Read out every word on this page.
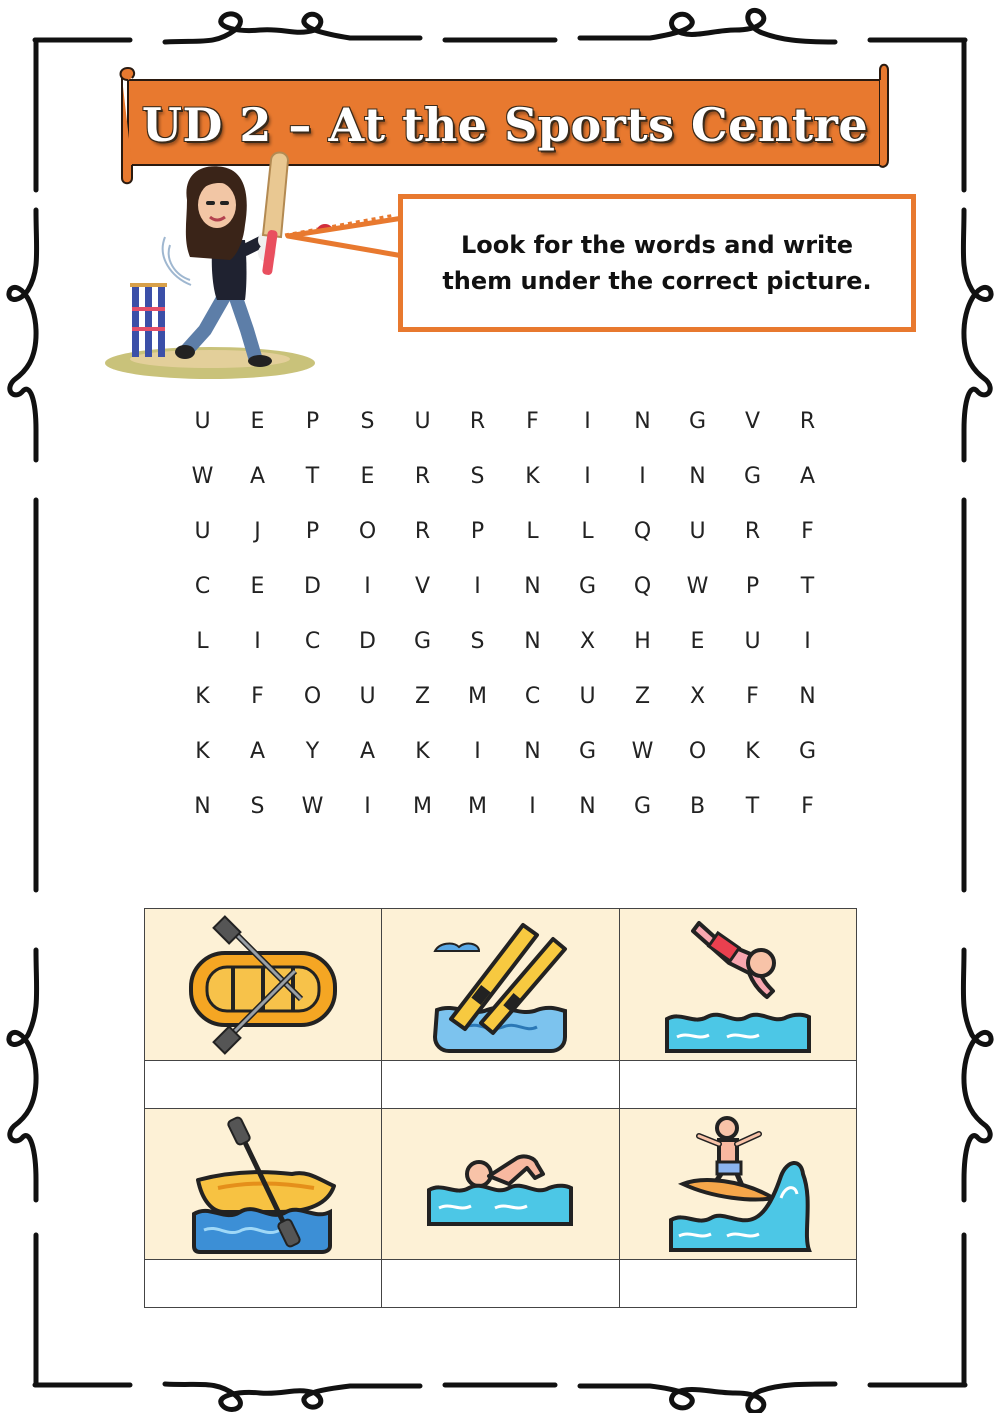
UD 2 – At the Sports Centre
Look for the words and write
them under the correct picture.
U	E	P	S	U	R	F	I	N	G	V	R
W	A	T	E	R	S	K	I	I	N	G	A
U	J	P	O	R	P	L	L	Q	U	R	F
C	E	D	I	V	I	N	G	Q	W	P	T
L	I	C	D	G	S	N	X	H	E	U	I
K	F	O	U	Z	M	C	U	Z	X	F	N
K	A	Y	A	K	I	N	G	W	O	K	G
N	S	W	I	M	M	I	N	G	B	T	F
